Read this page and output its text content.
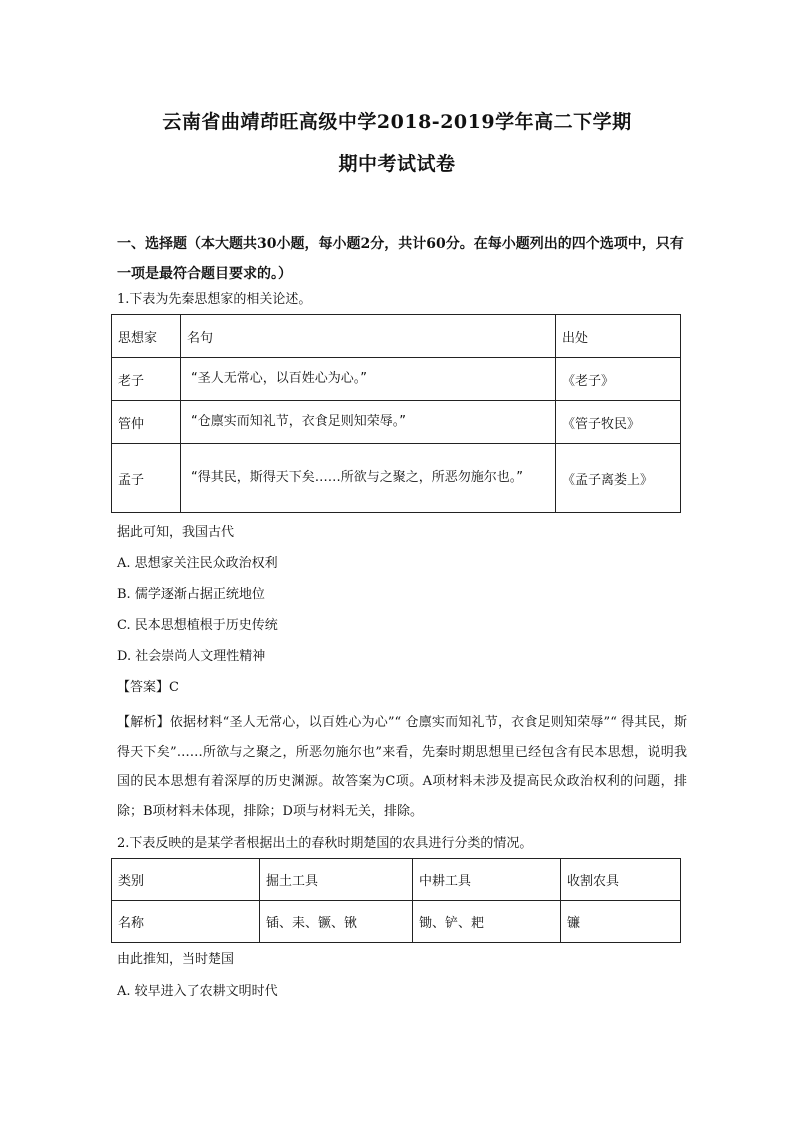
云南省曲靖茚旺高级中学2018-2019学年高二下学期
期中考试试卷
一、选择题（本大题共30小题，每小题2分，共计60分。在每小题列出的四个选项中，只有一项是最符合题目要求的。）
1.下表为先秦思想家的相关论述。
思想家	名句	出处
老子	“圣人无常心，以百姓心为心。”	《老子》
管仲	“仓廪实而知礼节，衣食足则知荣辱。”	《管子牧民》
孟子	“得其民，斯得天下矣……所欲与之聚之，所恶勿施尔也。”	《孟子离娄上》
据此可知，我国古代
A. 思想家关注民众政治权利
B. 儒学逐渐占据正统地位
C. 民本思想植根于历史传统
D. 社会崇尚人文理性精神
【答案】C
【解析】依据材料“圣人无常心，以百姓心为心”“ 仓廪实而知礼节，衣食足则知荣辱”“ 得其民，斯得天下矣”……所欲与之聚之，所恶勿施尔也”来看，先秦时期思想里已经包含有民本思想，说明我国的民本思想有着深厚的历史渊源。故答案为C项。A项材料未涉及提高民众政治权利的问题，排除；B项材料未体现，排除；D项与材料无关，排除。
2.下表反映的是某学者根据出土的春秋时期楚国的农具进行分类的情况。
类别	掘土工具	中耕工具	收割农具
名称	锸、耒、镢、锹	锄、铲、耙	镰
由此推知，当时楚国
A. 较早进入了农耕文明时代
